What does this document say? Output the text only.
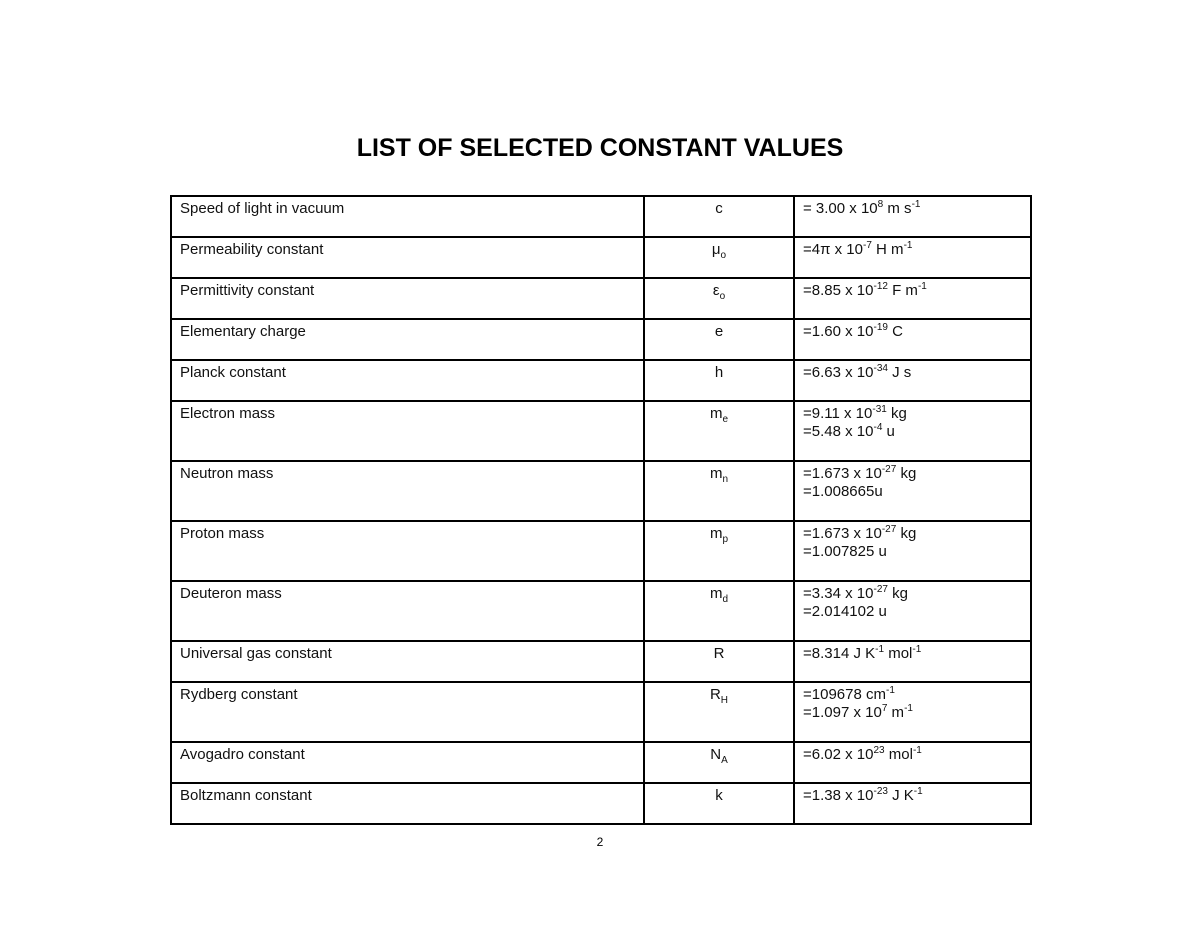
LIST OF SELECTED CONSTANT VALUES
Speed of light in vacuum	c	= 3.00 x $10^8$ m $s^{-1}$

Permeability constant	$\mu_o$	=4π x $10^{-7}$ H $m^{-1}$

Permittivity constant	$\varepsilon_o$	=8.85 x $10^{-12}$ F $m^{-1}$

Elementary charge	e	=1.60 x $10^{-19}$ C

Planck constant	h	=6.63 x $10^{-34}$ J s

Electron mass	$m_e$	=9.11 x $10^{-31}$ kg
=5.48 x $10^{-4}$ u

Neutron mass	$m_n$	=1.673 x $10^{-27}$ kg
=1.008665u

Proton mass	$m_p$	=1.673 x $10^{-27}$ kg
=1.007825 u

Deuteron mass	$m_d$	=3.34 x $10^{-27}$ kg
=2.014102 u

Universal gas constant	R	=8.314 J $K^{-1}$ mol$^{-1}$

Rydberg constant	$R_H$	=109678 $cm^{-1}$
=1.097 x $10^7$ $m^{-1}$

Avogadro constant	$N_A$	=6.02 x $10^{23}$ mol$^{-1}$

Boltzmann constant	k	=1.38 x $10^{-23}$ J $K^{-1}$
2
